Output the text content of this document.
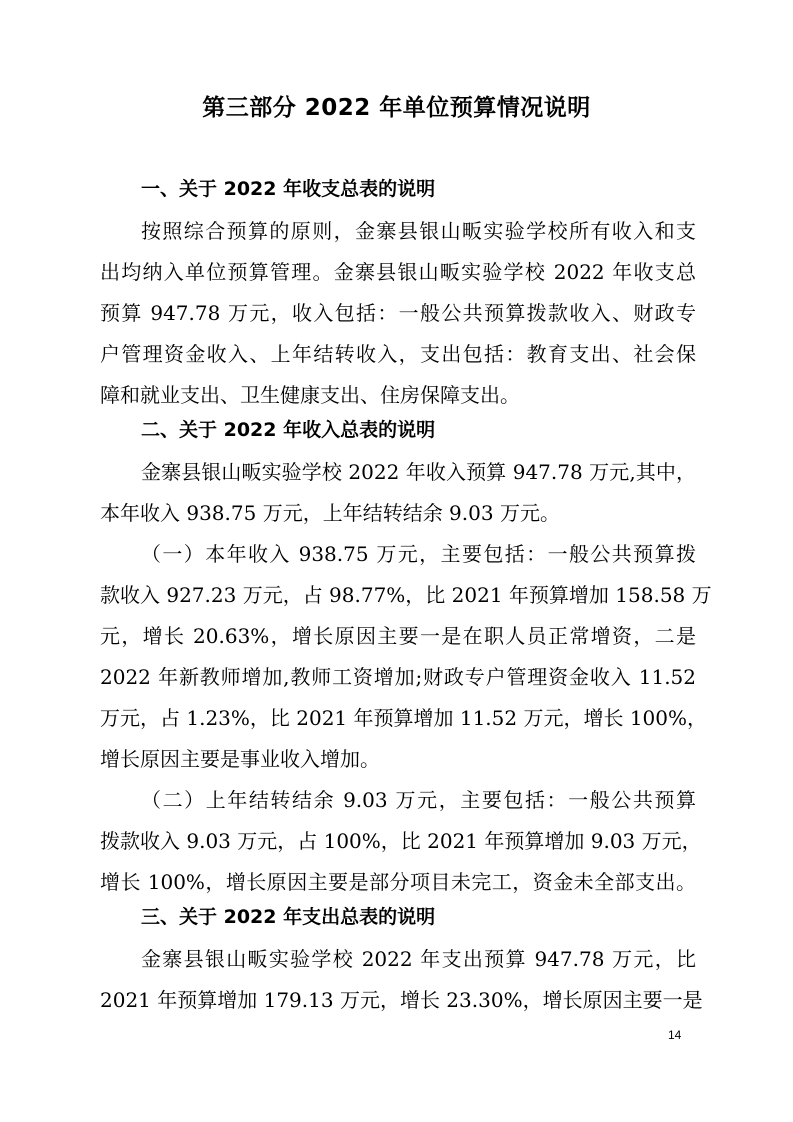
第三部分 2022 年单位预算情况说明
一、关于 2022 年收支总表的说明
按照综合预算的原则，金寨县银山畈实验学校所有收入和支
出均纳入单位预算管理。金寨县银山畈实验学校 2022 年收支总
预算 947.78 万元，收入包括：一般公共预算拨款收入、财政专
户管理资金收入、上年结转收入，支出包括：教育支出、社会保
障和就业支出、卫生健康支出、住房保障支出。
二、关于 2022 年收入总表的说明
金寨县银山畈实验学校 2022 年收入预算 947.78 万元,其中，
本年收入 938.75 万元，上年结转结余 9.03 万元。
（一）本年收入 938.75 万元，主要包括：一般公共预算拨
款收入 927.23 万元，占 98.77%，比 2021 年预算增加 158.58 万
元，增长 20.63%，增长原因主要一是在职人员正常增资，二是
2022 年新教师增加,教师工资增加;财政专户管理资金收入 11.52
万元，占 1.23%，比 2021 年预算增加 11.52 万元，增长 100%，
增长原因主要是事业收入增加。
（二）上年结转结余 9.03 万元，主要包括：一般公共预算
拨款收入 9.03 万元，占 100%，比 2021 年预算增加 9.03 万元，
增长 100%，增长原因主要是部分项目未完工，资金未全部支出。
三、关于 2022 年支出总表的说明
金寨县银山畈实验学校 2022 年支出预算 947.78 万元，比
2021 年预算增加 179.13 万元，增长 23.30%，增长原因主要一是
14
